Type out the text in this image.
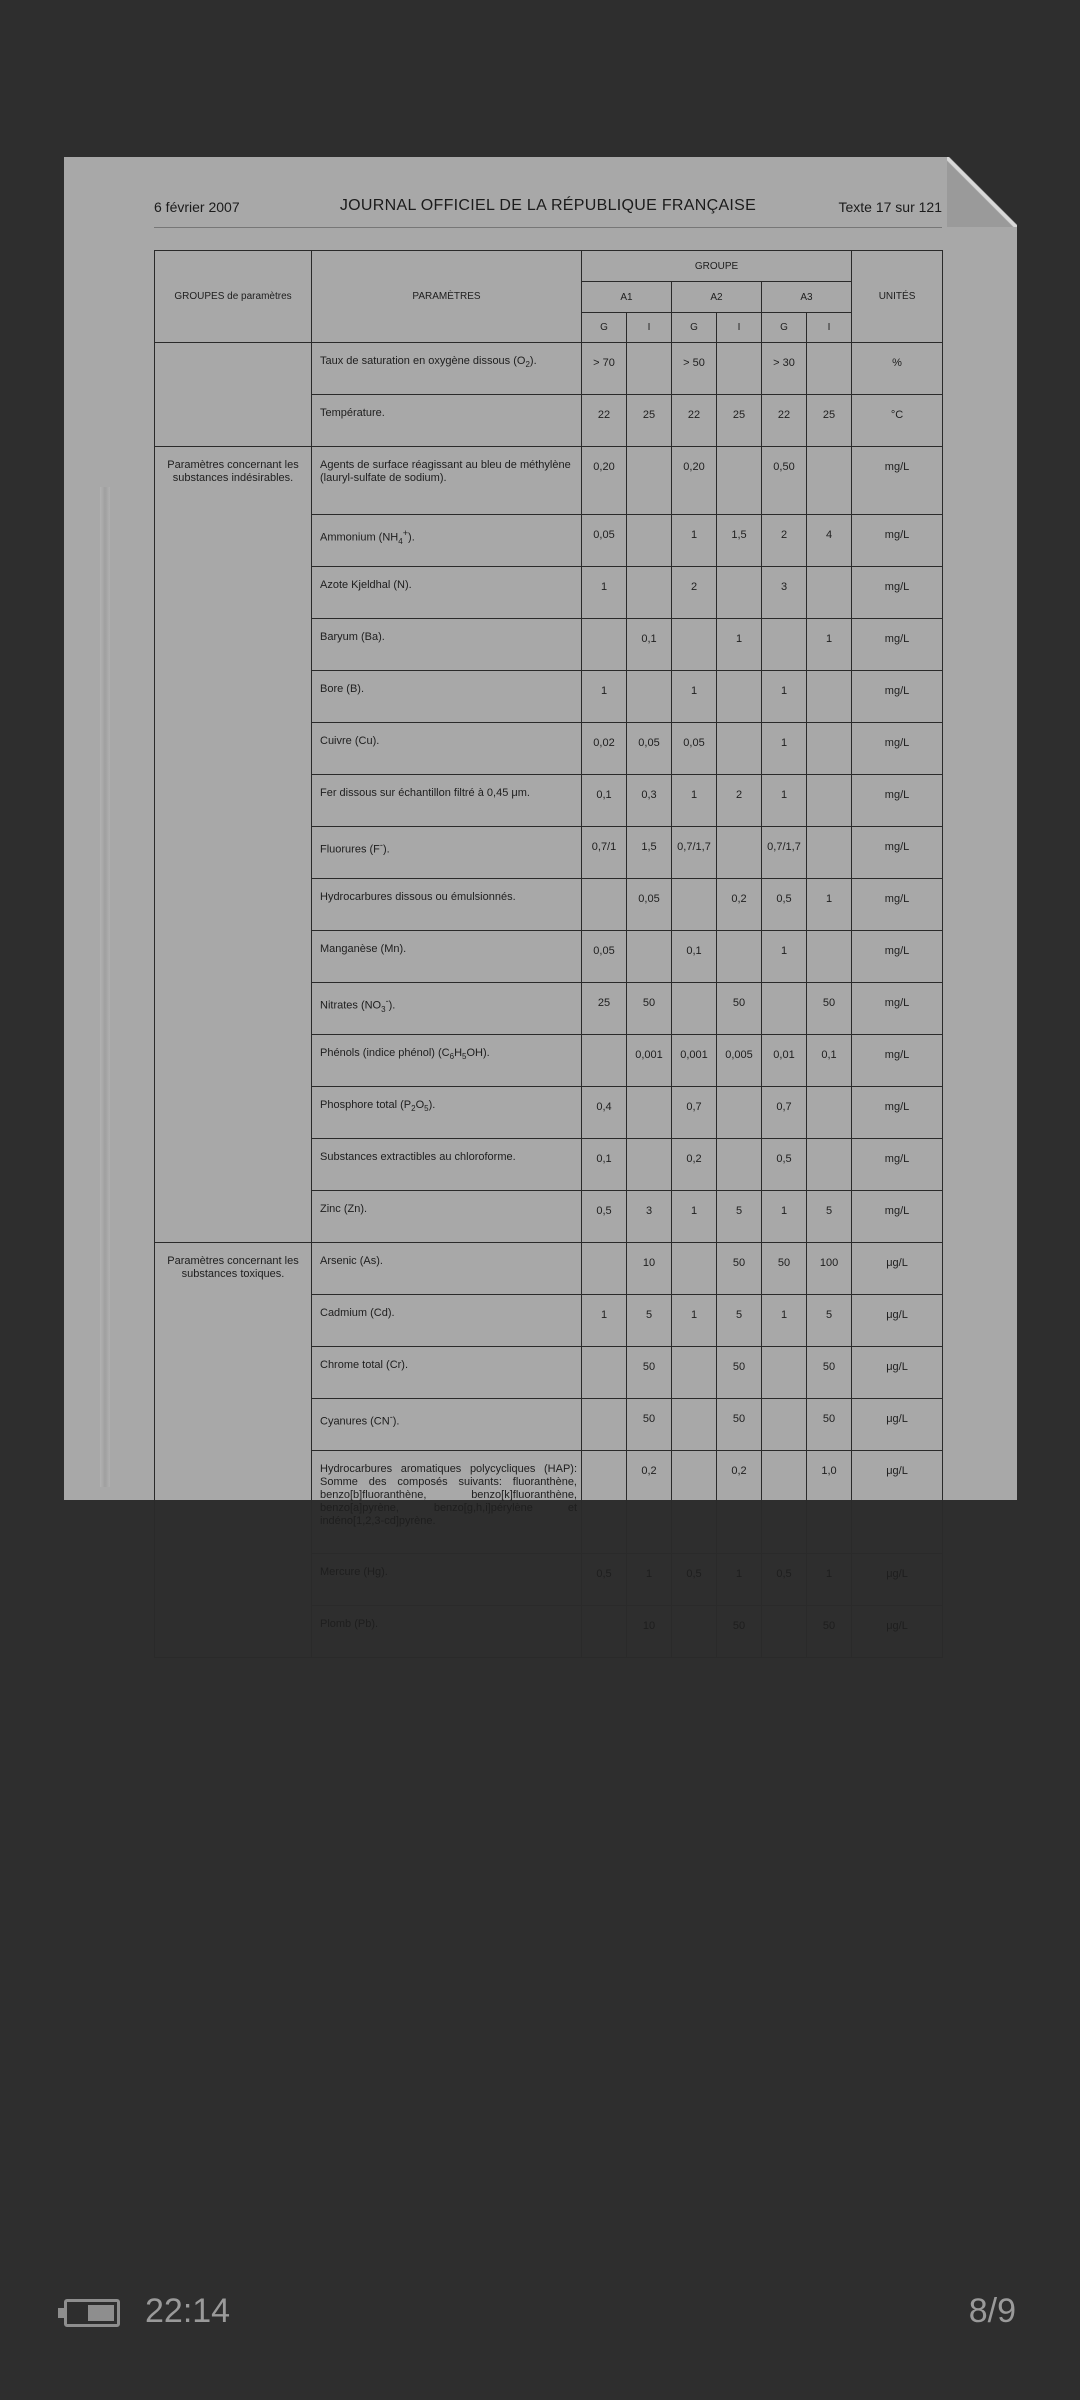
6 février 2007	JOURNAL OFFICIEL DE LA RÉPUBLIQUE FRANÇAISE	Texte 17 sur 121
GROUPES de paramètres	PARAMÈTRES	GROUPE						UNITÉS
		A1		A2		A3		
		G	I	G	I	G	I	
	Taux de saturation en oxygène dissous $(O_2)$.	> 70		> 50		> 30		%
	Température.	22	25	22	25	22	25	°C
Paramètres concernant les substances indésirables.	Agents de surface réagissant au bleu de méthylène (lauryl-sulfate de sodium).	0,20		0,20		0,50		mg/L
	Ammonium $(NH_4^+)$.	0,05		1	1,5	2	4	mg/L
	Azote Kjeldhal (N).	1		2		3		mg/L
	Baryum (Ba).		0,1		1		1	mg/L
	Bore (B).	1		1		1		mg/L
	Cuivre (Cu).	0,02	0,05	0,05		1		mg/L
	Fer dissous sur échantillon filtré à 0,45 μm.	0,1	0,3	1	2	1		mg/L
	Fluorures (F-).	0,7/1	1,5	0,7/1,7		0,7/1,7		mg/L
	Hydrocarbures dissous ou émulsionnés.		0,05		0,2	0,5	1	mg/L
	Manganèse (Mn).	0,05		0,1		1		mg/L
	Nitrates $(NO_3^-)$.	25	50		50		50	mg/L
	Phénols (indice phénol) $(C_6H_5OH)$.		0,001	0,001	0,005	0,01	0,1	mg/L
	Phosphore total $(P_2O_5)$.	0,4		0,7		0,7		mg/L
	Substances extractibles au chloroforme.	0,1		0,2		0,5		mg/L
	Zinc (Zn).	0,5	3	1	5	1	5	mg/L
Paramètres concernant les substances toxiques.	Arsenic (As).		10		50	50	100	μg/L
	Cadmium (Cd).	1	5	1	5	1	5	μg/L
	Chrome total (Cr).		50		50		50	μg/L
	Cyanures (CN-).		50		50		50	μg/L
	Hydrocarbures aromatiques polycycliques (HAP): Somme des composés suivants: fluoranthène, benzo[b]fluoranthène, benzo[k]fluoranthène, benzo[a]pyrène, benzo[g,h,i]pérylène et indéno[1,2,3-cd]pyrène.		0,2		0,2		1,0	μg/L
	Mercure (Hg).	0,5	1	0,5	1	0,5	1	μg/L
	Plomb (Pb).		10		50		50	μg/L
22:14	8/9
